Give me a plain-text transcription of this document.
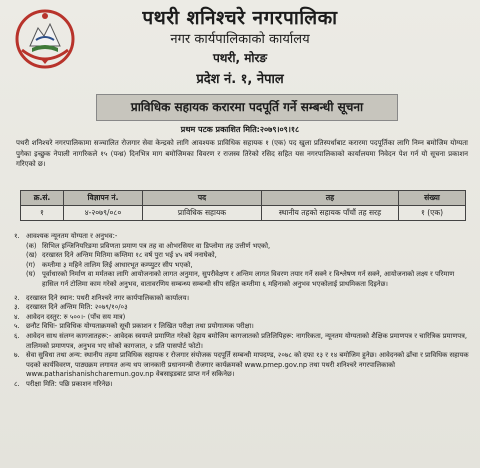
पथरी शनिश्चरे नगरपालिका
नगर कार्यपालिकाको कार्यालय
पथरी, मोरङ
प्रदेश नं. १, नेपाल
प्राविधिक सहायक करारमा पदपूर्ति गर्ने सम्बन्धी सूचना
प्रथम पटक प्रकाशित मिति:२०७९।०९।१८
पथरी शनिश्चरे नगरपालिकामा सञ्चालित रोजगार सेवा केन्द्रको लागि आवश्यक प्राविधिक सहायक १ (एक) पद खुला प्रतिस्पर्धाबाट करारमा पदपूर्तिका लागि निम्न बमोजिम योग्यता पुगेका इच्छुक नेपाली नागरिकले १५ (पन्ध्र) दिनभित्र माग बमोजिमका विवरण र राजस्व तिरेको रसिद सहित यस नगरपालिकाको कार्यालयमा निवेदन पेश गर्न यो सूचना प्रकाशन गरिएको छ।
क्र.सं.	विज्ञापन नं.	पद	तह	संख्या
१	४-२०७९/०८०	प्राविधिक सहायक	स्थानीय तहको सहायक पाँचौं तह सरह	१ (एक)
१. आवश्यक न्यूनतम योग्यता र अनुभव:-
(क) सिभिल इन्जिनियरिङमा प्रविणता प्रमाण पत्र तह वा ओभरसियर वा डिप्लोमा तह उत्तीर्ण भएको,
(ख) दरखास्त दिने अन्तिम मितिमा कम्तिमा १८ वर्ष पुरा भई ४५ वर्ष ननाघेको,
(ग) कम्तीमा ३ महिने तालिम लिई आधारभूत कम्प्युटर सीप भएको,
(घ) पूर्वाधारको निर्माण वा मर्मतका लागि आयोजनाको लागत अनुमान, सुपरीवेक्षण र अन्तिम लागत विवरण तयार गर्ने सक्ने र विश्लेषण गर्न सक्ने, आयोजनाको लक्ष्य र परिमाण हासिल गर्न टोलिमा काम गरेको अनुभव, वातावरणिय सम्बन्ध्य सम्बन्धी सीप सहित कम्तीमा ६ महिनाको अनुभव भएकोलाई प्राथमिकता दिइनेछ।
२. दरखास्त दिने स्थान: पथरी शनिश्चरे नगर कार्यपालिकाको कार्यालय।
३. दरखास्त दिने अन्तिम मिति: २०७९/१०/०३
४. आवेदन दस्तुर: रु ५००।- (पाँच सय मात्र)
५. छनौट विधिः- प्राविधिक योग्यताक्रमको सूची प्रकाशन र लिखित परीक्षा तथा प्रयोगात्मक परीक्षा।
६. आवेदन साथ संलग्न कागजातहरू:- आवेदक स्वयम्ले प्रमाणित गरेको देहाय बमोजिम कागजातको प्रतिलिपिहरू: नागरिकता, न्यूनतम योग्यताको शैक्षिक प्रमाणपत्र र चारित्रिक प्रमाणपत्र, तालिमको प्रमाणपत्र, अनुभव भए सोको कागजात, २ प्रति पासपोर्ट फोटो।
७. सेवा सुविधा तथा अन्य: स्थानीय तहमा प्राविधिक सहायक र रोजगार संयोजक पदपूर्ति सम्बन्धी मापदण्ड, २०७८ को दफा १३ र १४ बमोजिम हुनेछ। आवेदनको ढाँचा र प्राविधिक सहायक पदको कार्यविवरण, पाठ्यक्रम लगायत अन्य थप जानकारी प्रधानमन्त्री रोजगार कार्यक्रमको www.pmep.gov.np तथा पथरी शनिश्चरे नगरपालिकाको www.patharishanishcharemun.gov.np वेबसाइडबाट प्राप्त गर्न सकिनेछ।
८. परीक्षा मिति: पछि प्रकाशन गरिनेछ।
